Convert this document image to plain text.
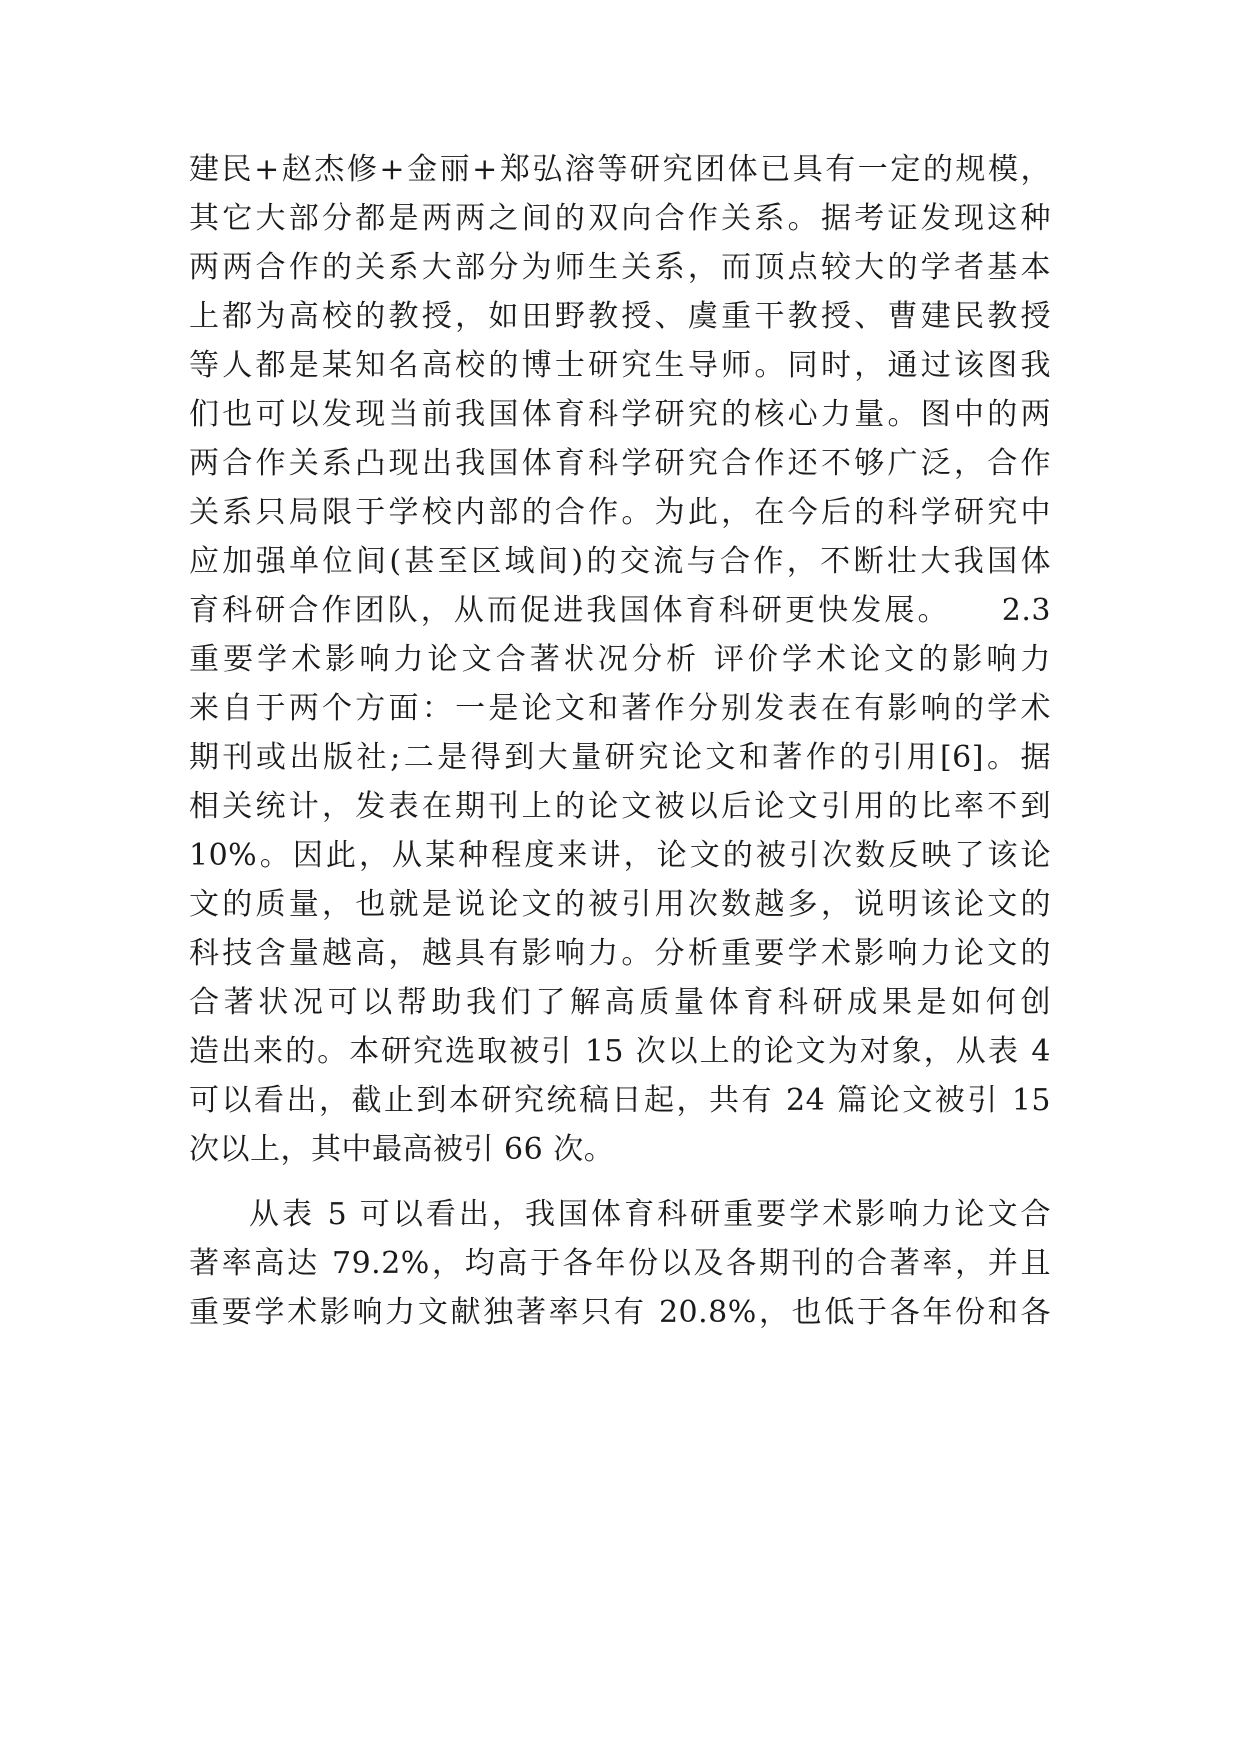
建民+赵杰修+金丽+郑弘溶等研究团体已具有一定的规模，
其它大部分都是两两之间的双向合作关系。据考证发现这种
两两合作的关系大部分为师生关系，而顶点较大的学者基本
上都为高校的教授，如田野教授、虞重干教授、曹建民教授
等人都是某知名高校的博士研究生导师。同时，通过该图我
们也可以发现当前我国体育科学研究的核心力量。图中的两
两合作关系凸现出我国体育科学研究合作还不够广泛，合作
关系只局限于学校内部的合作。为此，在今后的科学研究中
应加强单位间(甚至区域间)的交流与合作，不断壮大我国体
育科研合作团队，从而促进我国体育科研更快发展。　　2.3
重要学术影响力论文合著状况分析 评价学术论文的影响力
来自于两个方面：一是论文和著作分别发表在有影响的学术
期刊或出版社;二是得到大量研究论文和著作的引用[6]。据
相关统计，发表在期刊上的论文被以后论文引用的比率不到
10%。因此，从某种程度来讲，论文的被引次数反映了该论
文的质量，也就是说论文的被引用次数越多，说明该论文的
科技含量越高，越具有影响力。分析重要学术影响力论文的
合著状况可以帮助我们了解高质量体育科研成果是如何创
造出来的。本研究选取被引 15 次以上的论文为对象，从表 4
可以看出，截止到本研究统稿日起，共有 24 篇论文被引 15
次以上，其中最高被引 66 次。
从表 5 可以看出，我国体育科研重要学术影响力论文合
著率高达 79.2%，均高于各年份以及各期刊的合著率，并且
重要学术影响力文献独著率只有 20.8%，也低于各年份和各
